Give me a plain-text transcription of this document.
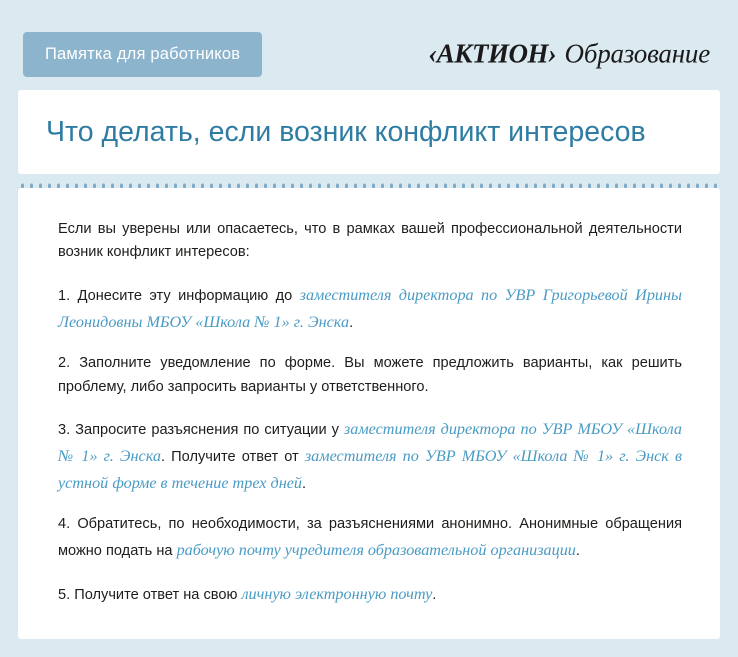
Памятка для работников	‹АКТИОН› Образование
Что делать, если возник конфликт интересов

Если вы уверены или опасаетесь, что в рамках вашей профессиональной деятельности возник конфликт интересов:

1. Донесите эту информацию до заместителя директора по УВР Григорьевой Ирины Леонидовны МБОУ «Школа № 1» г. Энска.

2. Заполните уведомление по форме. Вы можете предложить варианты, как решить проблему, либо запросить варианты у ответственного.

3. Запросите разъяснения по ситуации у заместителя директора по УВР МБОУ «Школа № 1» г. Энска. Получите ответ от заместителя по УВР МБОУ «Школа № 1» г. Энск в устной форме в течение трех дней.

4. Обратитесь, по необходимости, за разъяснениями анонимно. Анонимные обращения можно подать на рабочую почту учредителя образовательной организации.

5. Получите ответ на свою личную электронную почту.
